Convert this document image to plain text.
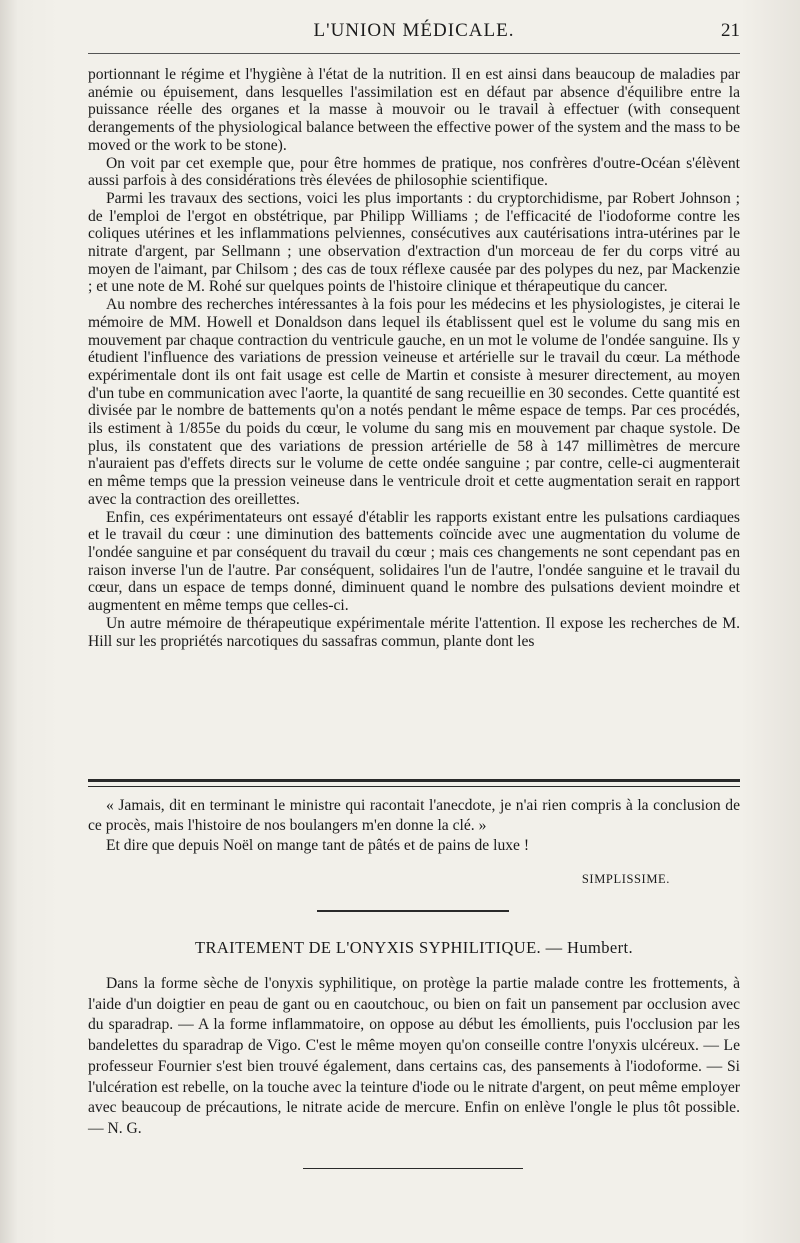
L'UNION MÉDICALE.	21

portionnant le régime et l'hygiène à l'état de la nutrition. Il en est ainsi dans beaucoup de maladies par anémie ou épuisement, dans lesquelles l'assimilation est en défaut par absence d'équilibre entre la puissance réelle des organes et la masse à mouvoir ou le travail à effectuer (with consequent derangements of the physiological balance between the effective power of the system and the mass to be moved or the work to be stone).

On voit par cet exemple que, pour être hommes de pratique, nos confrères d'outre-Océan s'élèvent aussi parfois à des considérations très élevées de philosophie scientifique.

Parmi les travaux des sections, voici les plus importants : du cryptorchidisme, par Robert Johnson ; de l'emploi de l'ergot en obstétrique, par Philipp Williams ; de l'efficacité de l'iodoforme contre les coliques utérines et les inflammations pelviennes, consécutives aux cautérisations intra-utérines par le nitrate d'argent, par Sellmann ; une observation d'extraction d'un morceau de fer du corps vitré au moyen de l'aimant, par Chilsom ; des cas de toux réflexe causée par des polypes du nez, par Mackenzie ; et une note de M. Rohé sur quelques points de l'histoire clinique et thérapeutique du cancer.

Au nombre des recherches intéressantes à la fois pour les médecins et les physiologistes, je citerai le mémoire de MM. Howell et Donaldson dans lequel ils établissent quel est le volume du sang mis en mouvement par chaque contraction du ventricule gauche, en un mot le volume de l'ondée sanguine. Ils y étudient l'influence des variations de pression veineuse et artérielle sur le travail du cœur. La méthode expérimentale dont ils ont fait usage est celle de Martin et consiste à mesurer directement, au moyen d'un tube en communication avec l'aorte, la quantité de sang recueillie en 30 secondes. Cette quantité est divisée par le nombre de battements qu'on a notés pendant le même espace de temps. Par ces procédés, ils estiment à 1/855e du poids du cœur, le volume du sang mis en mouvement par chaque systole. De plus, ils constatent que des variations de pression artérielle de 58 à 147 millimètres de mercure n'auraient pas d'effets directs sur le volume de cette ondée sanguine ; par contre, celle-ci augmenterait en même temps que la pression veineuse dans le ventricule droit et cette augmentation serait en rapport avec la contraction des oreillettes.

Enfin, ces expérimentateurs ont essayé d'établir les rapports existant entre les pulsations cardiaques et le travail du cœur : une diminution des battements coïncide avec une augmentation du volume de l'ondée sanguine et par conséquent du travail du cœur ; mais ces changements ne sont cependant pas en raison inverse l'un de l'autre. Par conséquent, solidaires l'un de l'autre, l'ondée sanguine et le travail du cœur, dans un espace de temps donné, diminuent quand le nombre des pulsations devient moindre et augmentent en même temps que celles-ci.

Un autre mémoire de thérapeutique expérimentale mérite l'attention. Il expose les recherches de M. Hill sur les propriétés narcotiques du sassafras commun, plante dont les

« Jamais, dit en terminant le ministre qui racontait l'anecdote, je n'ai rien compris à la conclusion de ce procès, mais l'histoire de nos boulangers m'en donne la clé. »

Et dire que depuis Noël on mange tant de pâtés et de pains de luxe !

SIMPLISSIME.
TRAITEMENT DE L'ONYXIS SYPHILITIQUE. — Humbert.

Dans la forme sèche de l'onyxis syphilitique, on protège la partie malade contre les frottements, à l'aide d'un doigtier en peau de gant ou en caoutchouc, ou bien on fait un pansement par occlusion avec du sparadrap. — A la forme inflammatoire, on oppose au début les émollients, puis l'occlusion par les bandelettes du sparadrap de Vigo. C'est le même moyen qu'on conseille contre l'onyxis ulcéreux. — Le professeur Fournier s'est bien trouvé également, dans certains cas, des pansements à l'iodoforme. — Si l'ulcération est rebelle, on la touche avec la teinture d'iode ou le nitrate d'argent, on peut même employer avec beaucoup de précautions, le nitrate acide de mercure. Enfin on enlève l'ongle le plus tôt possible. — N. G.
